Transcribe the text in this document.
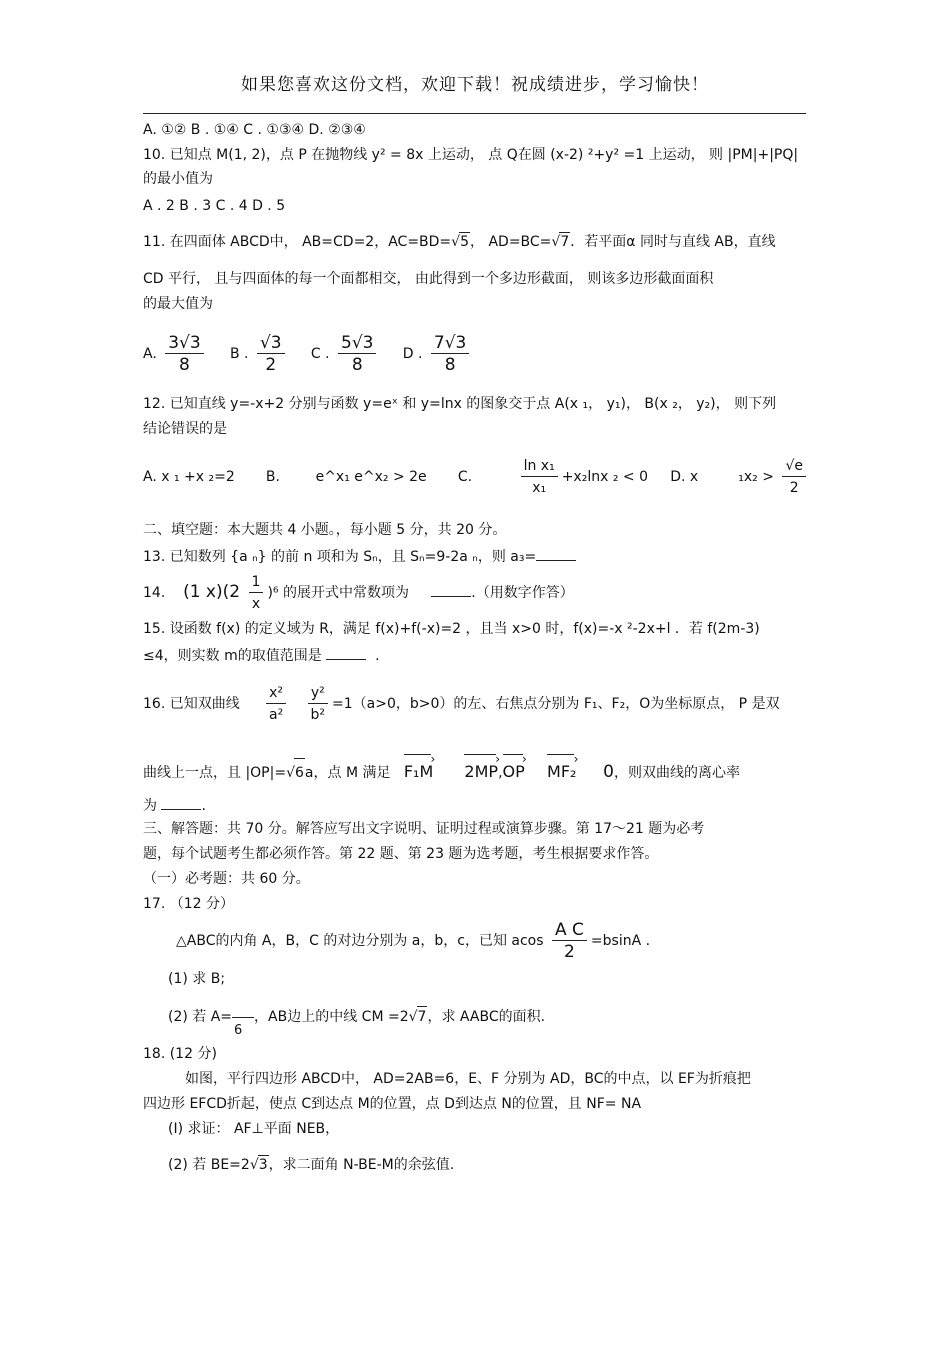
如果您喜欢这份文档，欢迎下载！祝成绩进步，学习愉快！
A. ①② B . ①④ C . ①③④ D. ②③④
10. 已知点 M(1, 2)，点 P 在抛物线 y² = 8x 上运动， 点 Q在圆 (x-2) ²+y² =1 上运动， 则 |PM|+|PQ|
的最小值为
A . 2 B . 3 C . 4 D . 5
11. 在四面体 ABCD中， AB=CD=2，AC=BD=√5， AD=BC=√7．若平面α 同时与直线 AB，直线
CD 平行， 且与四面体的每一个面都相交， 由此得到一个多边形截面， 则该多边形截面面积
的最大值为
A. $\frac{3√3}{8}$ B . $\frac{√3}{2}$ C . $\frac{5√3}{8}$ D . $\frac{7√3}{8}$
12. 已知直线 y=-x+2 分别与函数 y=eˣ 和 y=lnx 的图象交于点 A(x ₁， y₁)， B(x ₂， y₂)， 则下列
结论错误的是
A. x ₁ +x ₂=2 B.	e^x₁ e^x₂ > 2e C.	$\frac{\text{ln x₁}}{\text{x₁}} +x_2\ln x$ ₂ < 0 D. x	$_1x_2 > \frac{√e}{2}$
二、填空题：本大题共 4 小题。，每小题 5 分，共 20 分。
13. 已知数列 {a ₙ} 的前 n 项和为 Sₙ，且 Sₙ=9-2a ₙ，则 a₃=
14. (1 $x)(2 \frac{1}{x} )^6$ 的展开式中常数项为	.（用数字作答）
15. 设函数 f(x) 的定义域为 R，满足 f(x)+f(-x)=2 ，且当 x>0 时，f(x)=-x ²-2x+l ．若 f(2m-3)
≤4，则实数 m的取值范围是	.
16. 已知双曲线 $\frac{\text{x²}}{\text{a²}}$
$\frac{\text{y²}}{\text{b²}} =1(a>0$，b>0）的左、右焦点分别为 F₁、F₂，O为坐标原点， P 是双
曲线上一点，且 |OP|=√6a，点 M 满足 F₁M › 2MP ›,OP › MF₂ › 0，则双曲线的离心率
为	.
三、解答题：共 70 分。解答应写出文字说明、证明过程或演算步骤。第 17～21 题为必考
题，每个试题考生都必须作答。第 22 题、第 23 题为选考题，考生根据要求作答。
（一）必考题：共 60 分。
17. （12 分）
△ABC的内角 A，B，C 的对边分别为 a，b，c，已知 acos $\frac{\text{A C}}{2} =bsinA$ .
(1) 求 B;
(2) 若 A= ，AB边上的中线 CM =2√7，求 AABC的面积.
6
18. (12 分)
如图，平行四边形 ABCD中， AD=2AB=6，E、F 分别为 AD，BC的中点，以 EF为折痕把
四边形 EFCD折起，使点 C到达点 M的位置，点 D到达点 N的位置，且 NF= NA
(I) 求证： AF⊥平面 NEB，
(2) 若 BE=2√3，求二面角 N-BE-M的余弦值.
